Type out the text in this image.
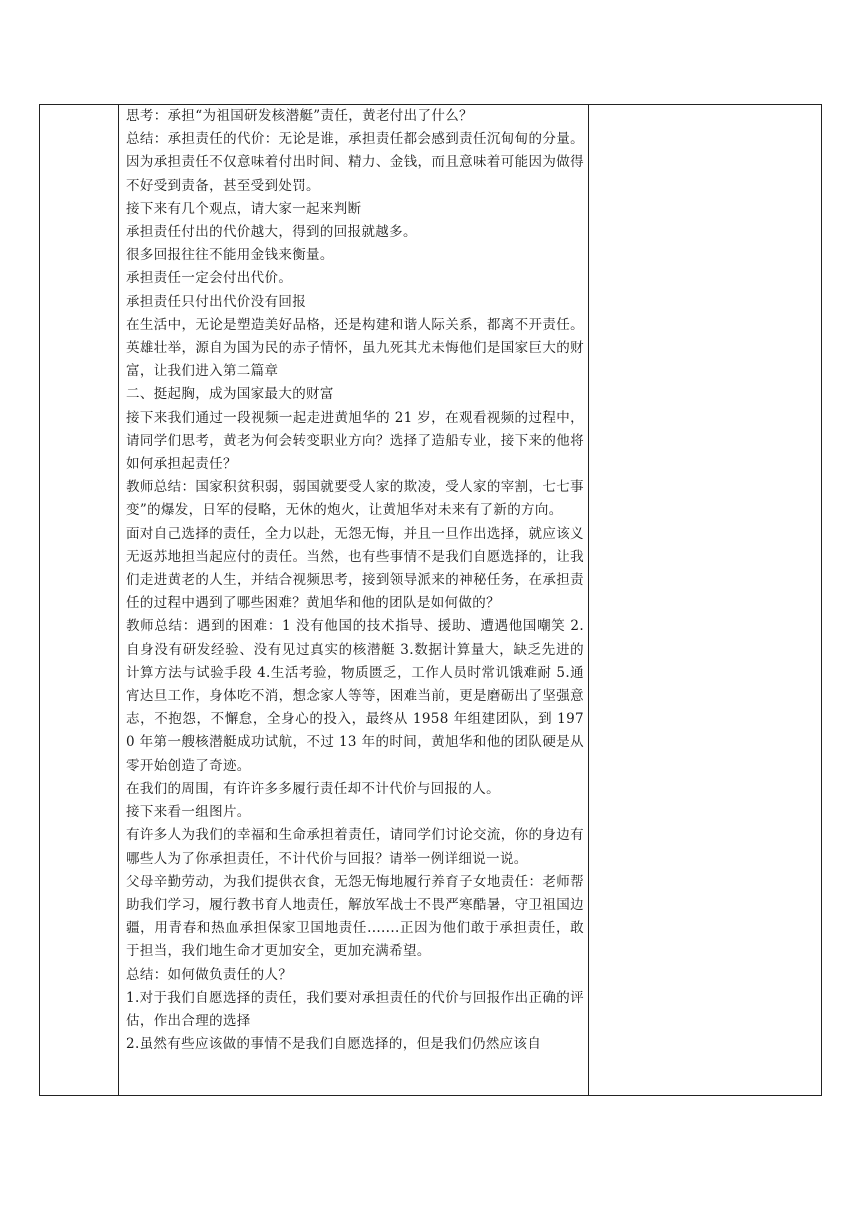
思考：承担“为祖国研发核潜艇”责任，黄老付出了什么？

总结：承担责任的代价：无论是谁，承担责任都会感到责任沉甸甸的分量。因为承担责任不仅意味着付出时间、精力、金钱，而且意味着可能因为做得不好受到责备，甚至受到处罚。

接下来有几个观点，请大家一起来判断

承担责任付出的代价越大，得到的回报就越多。

很多回报往往不能用金钱来衡量。

承担责任一定会付出代价。

承担责任只付出代价没有回报

在生活中，无论是塑造美好品格，还是构建和谐人际关系，都离不开责任。英雄壮举，源自为国为民的赤子情怀，虽九死其尤未悔他们是国家巨大的财富，让我们进入第二篇章

二、挺起胸，成为国家最大的财富

接下来我们通过一段视频一起走进黄旭华的 21 岁，在观看视频的过程中，请同学们思考，黄老为何会转变职业方向？选择了造船专业，接下来的他将如何承担起责任？

教师总结：国家积贫积弱，弱国就要受人家的欺凌，受人家的宰割，七七事变”的爆发，日军的侵略，无休的炮火，让黄旭华对未来有了新的方向。

面对自己选择的责任，全力以赴，无怨无悔，并且一旦作出选择，就应该义无返苏地担当起应付的责任。当然，也有些事情不是我们自愿选择的，让我们走进黄老的人生，并结合视频思考，接到领导派来的神秘任务，在承担责任的过程中遇到了哪些困难？黄旭华和他的团队是如何做的？

教师总结：遇到的困难：1 没有他国的技术指导、援助、遭遇他国嘲笑 2.自身没有研发经验、没有见过真实的核潜艇 3.数据计算量大，缺乏先进的计算方法与试验手段 4.生活考验，物质匮乏，工作人员时常讥饿难耐 5.通宵达旦工作，身体吃不消，想念家人等等，困难当前，更是磨砺出了坚强意志，不抱怨，不懈怠，全身心的投入，最终从 1958 年组建团队，到 1970 年第一艘核潜艇成功试航，不过 13 年的时间，黄旭华和他的团队硬是从零开始创造了奇迹。

在我们的周围，有许许多多履行责任却不计代价与回报的人。

接下来看一组图片。

有许多人为我们的幸福和生命承担着责任，请同学们讨论交流，你的身边有哪些人为了你承担责任，不计代价与回报？请举一例详细说一说。

父母辛勤劳动，为我们提供衣食，无怨无悔地履行养育子女地责任：老师帮助我们学习，履行教书育人地责任，解放军战士不畏严寒酷暑，守卫祖国边疆，用青春和热血承担保家卫国地责任.......正因为他们敢于承担责任，敢于担当，我们地生命才更加安全，更加充满希望。

总结：如何做负责任的人？

1.对于我们自愿选择的责任，我们要对承担责任的代价与回报作出正确的评估，作出合理的选择

2.虽然有些应该做的事情不是我们自愿选择的，但是我们仍然应该自
